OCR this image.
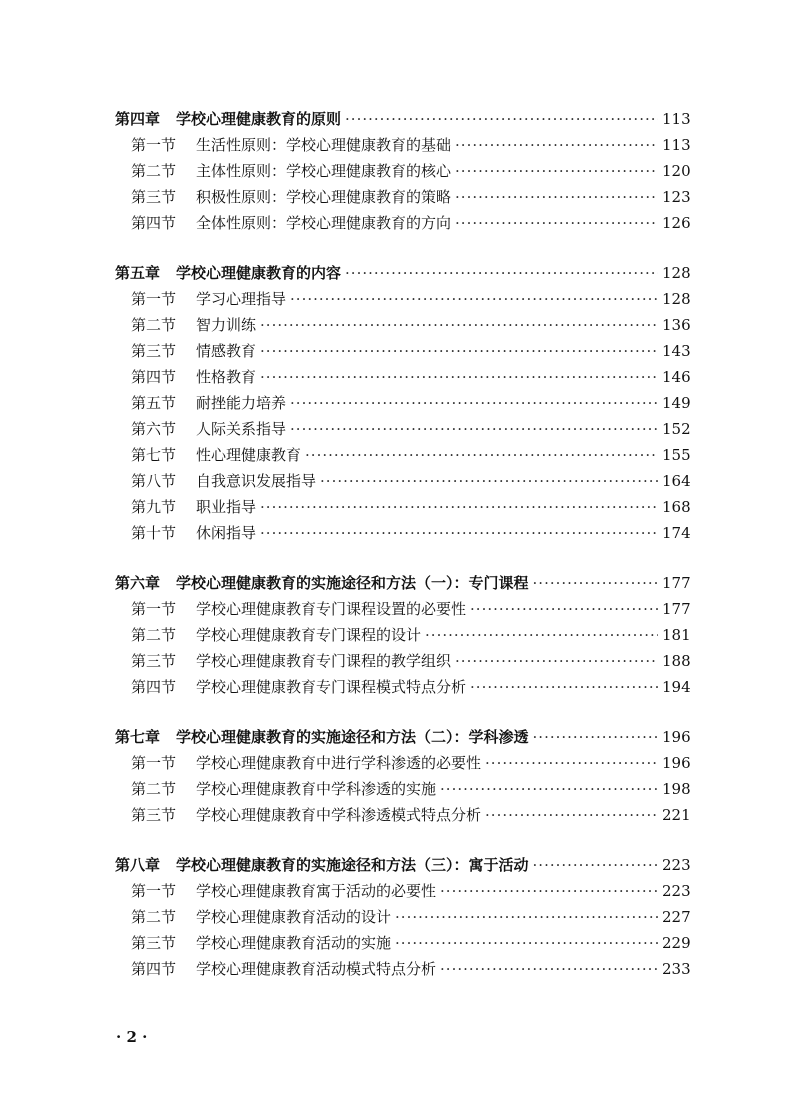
第四章 学校心理健康教育的原则 ·····	113
第一节 生活性原则：学校心理健康教育的基础 ·····	113
第二节 主体性原则：学校心理健康教育的核心 ·····	120
第三节 积极性原则：学校心理健康教育的策略 ·····	123
第四节 全体性原则：学校心理健康教育的方向 ·····	126
第五章 学校心理健康教育的内容 ·····	128
第一节 学习心理指导 ·····	128
第二节 智力训练 ·····	136
第三节 情感教育 ·····	143
第四节 性格教育 ·····	146
第五节 耐挫能力培养 ·····	149
第六节 人际关系指导 ·····	152
第七节 性心理健康教育 ·····	155
第八节 自我意识发展指导 ·····	164
第九节 职业指导 ·····	168
第十节 休闲指导 ·····	174
第六章 学校心理健康教育的实施途径和方法（一）：专门课程 ·····	177
第一节 学校心理健康教育专门课程设置的必要性 ·····	177
第二节 学校心理健康教育专门课程的设计 ·····	181
第三节 学校心理健康教育专门课程的教学组织 ·····	188
第四节 学校心理健康教育专门课程模式特点分析 ·····	194
第七章 学校心理健康教育的实施途径和方法（二）：学科渗透 ·····	196
第一节 学校心理健康教育中进行学科渗透的必要性 ·····	196
第二节 学校心理健康教育中学科渗透的实施 ·····	198
第三节 学校心理健康教育中学科渗透模式特点分析 ·····	221
第八章 学校心理健康教育的实施途径和方法（三）：寓于活动 ·····	223
第一节 学校心理健康教育寓于活动的必要性 ·····	223
第二节 学校心理健康教育活动的设计 ·····	227
第三节 学校心理健康教育活动的实施 ·····	229
第四节 学校心理健康教育活动模式特点分析 ·····	233
· 2 ·
